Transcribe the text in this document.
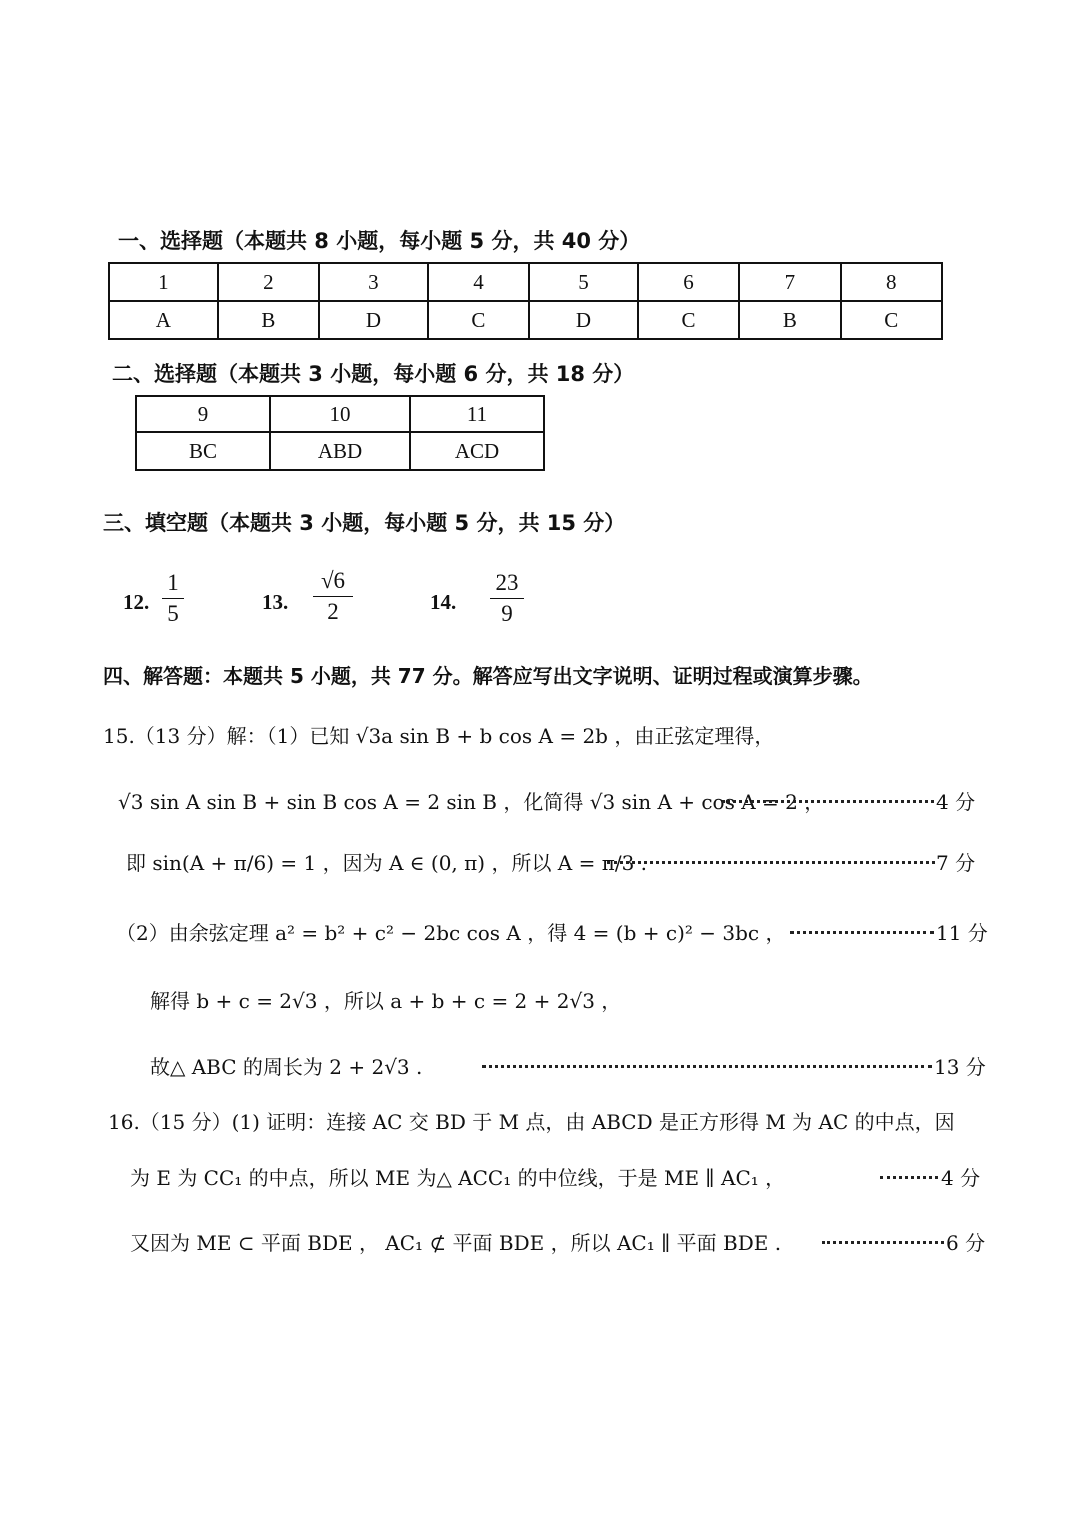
一、选择题（本题共 8 小题，每小题 5 分，共 40 分）
1	2	3	4	5	6	7	8
A	B	D	C	D	C	B	C
二、选择题（本题共 3 小题，每小题 6 分，共 18 分）
9	10	11
BC	ABD	ACD
三、填空题（本题共 3 小题，每小题 5 分，共 15 分）
12.
1
5	13.
√6
2	14.
23
9
四、解答题：本题共 5 小题，共 77 分。解答应写出文字说明、证明过程或演算步骤。
15.（13 分）解：（1）已知 √3a sin B + b cos A = 2b ，由正弦定理得，
√3 sin A sin B + sin B cos A = 2 sin B ，化简得 √3 sin A + cos A = 2 ，	4 分
即 sin(A + π/6) = 1 ，因为 A ∈ (0, π) ，所以 A = π/3 .	7 分
（2）由余弦定理 a² = b² + c² − 2bc cos A ，得 4 = (b + c)² − 3bc ，	11 分
解得 b + c = 2√3 ，所以 a + b + c = 2 + 2√3 ，
故△ ABC 的周长为 2 + 2√3 .	13 分
16.（15 分）(1) 证明：连接 AC 交 BD 于 M 点，由 ABCD 是正方形得 M 为 AC 的中点，因
为 E 为 CC₁ 的中点，所以 ME 为△ ACC₁ 的中位线，于是 ME ∥ AC₁ ，	4 分
又因为 ME ⊂ 平面 BDE ， AC₁ ⊄ 平面 BDE ，所以 AC₁ ∥ 平面 BDE .	6 分
